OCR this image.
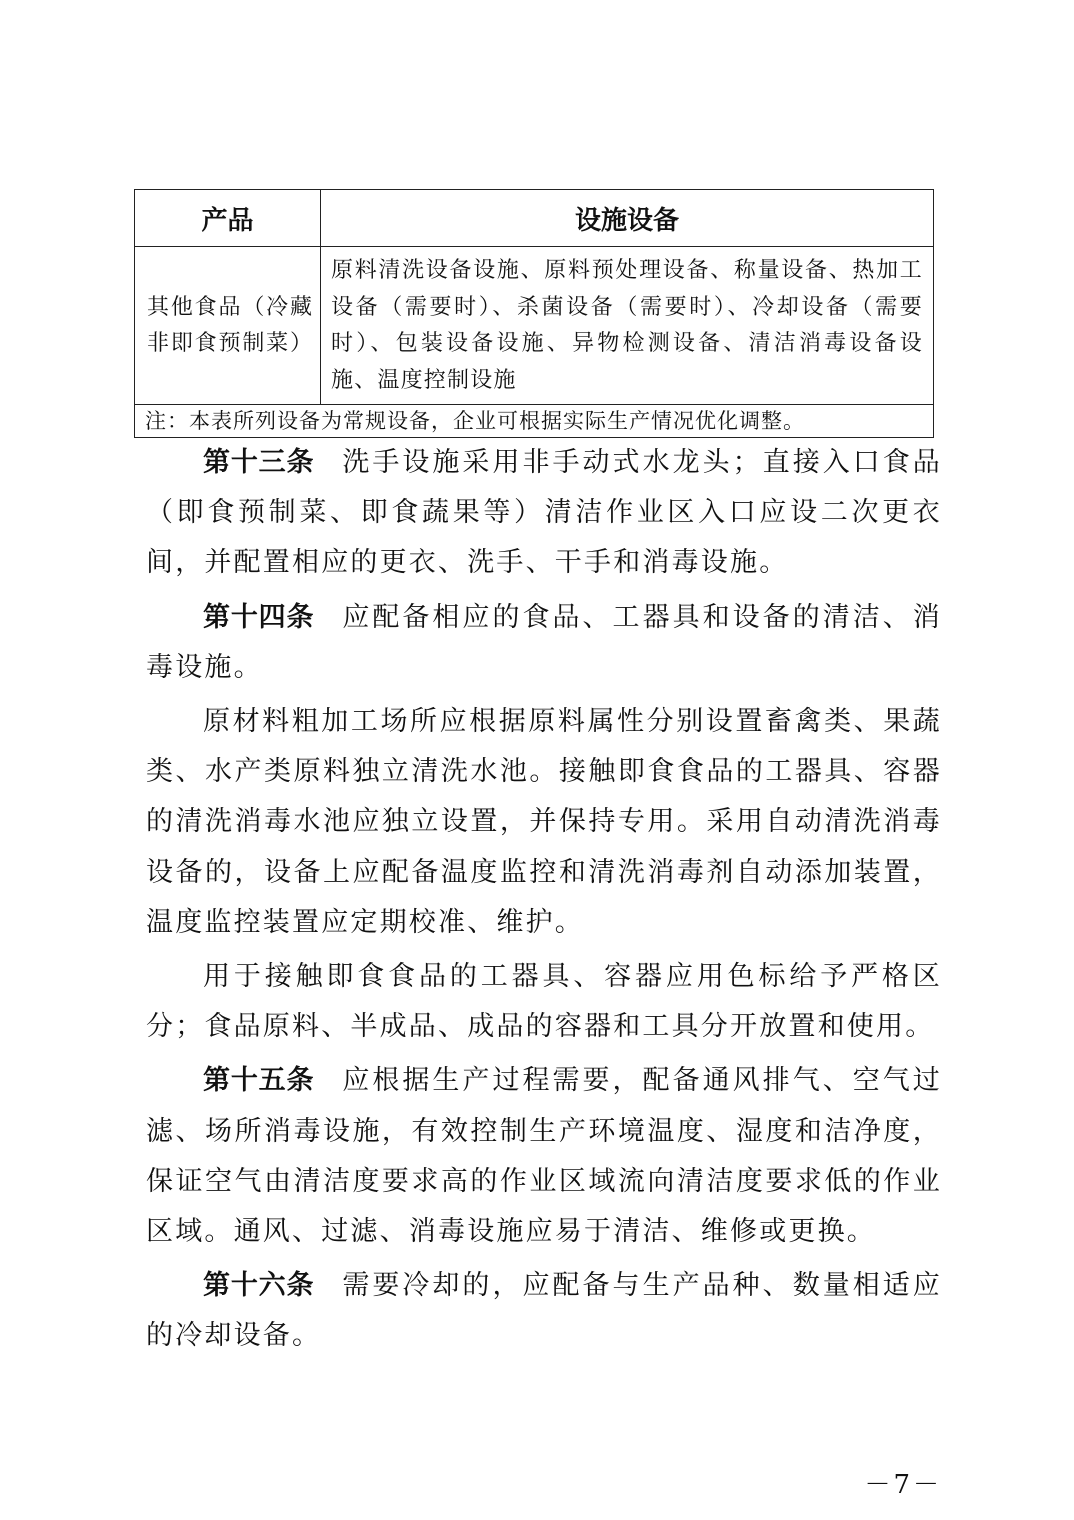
产品	设施设备
其他食品（冷藏非即食预制菜）	原料清洗设备设施、原料预处理设备、称量设备、热加工设备（需要时）、杀菌设备（需要时）、冷却设备（需要时）、包装设备设施、异物检测设备、清洁消毒设备设施、温度控制设施
注：本表所列设备为常规设备，企业可根据实际生产情况优化调整。	

第十三条 洗手设施采用非手动式水龙头；直接入口食品（即食预制菜、即食蔬果等）清洁作业区入口应设二次更衣间，并配置相应的更衣、洗手、干手和消毒设施。

第十四条 应配备相应的食品、工器具和设备的清洁、消毒设施。

原材料粗加工场所应根据原料属性分别设置畜禽类、果蔬类、水产类原料独立清洗水池。接触即食食品的工器具、容器的清洗消毒水池应独立设置，并保持专用。采用自动清洗消毒设备的，设备上应配备温度监控和清洗消毒剂自动添加装置，温度监控装置应定期校准、维护。

用于接触即食食品的工器具、容器应用色标给予严格区分；食品原料、半成品、成品的容器和工具分开放置和使用。

第十五条 应根据生产过程需要，配备通风排气、空气过滤、场所消毒设施，有效控制生产环境温度、湿度和洁净度，保证空气由清洁度要求高的作业区域流向清洁度要求低的作业区域。通风、过滤、消毒设施应易于清洁、维修或更换。

第十六条 需要冷却的，应配备与生产品种、数量相适应的冷却设备。

－7－
